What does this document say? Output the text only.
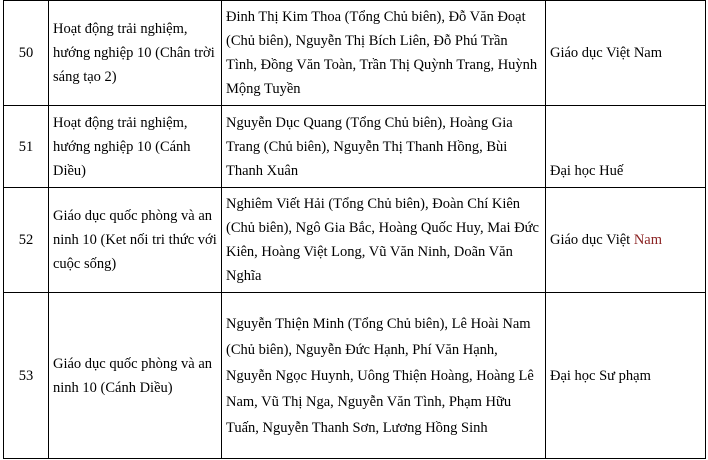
50	Hoạt động trải nghiệm, hướng nghiệp 10 (Chân trời sáng tạo 2)	Đinh Thị Kim Thoa (Tổng Chủ biên), Đỗ Văn Đoạt (Chủ biên), Nguyễn Thị Bích Liên, Đỗ Phú Trần Tình, Đồng Văn Toàn, Trần Thị Quỳnh Trang, Huỳnh Mộng Tuyền	Giáo dục Việt Nam
51	Hoạt động trải nghiệm, hướng nghiệp 10 (Cánh Diều)	Nguyễn Dục Quang (Tổng Chủ biên), Hoàng Gia Trang (Chủ biên), Nguyễn Thị Thanh Hồng, Bùi Thanh Xuân	Đại học Huế
52	Giáo dục quốc phòng và an ninh 10 (Ket nối tri thức với cuộc sống)	Nghiêm Viết Hải (Tổng Chủ biên), Đoàn Chí Kiên (Chủ biên), Ngô Gia Bắc, Hoàng Quốc Huy, Mai Đức Kiên, Hoàng Việt Long, Vũ Văn Ninh, Doãn Văn Nghĩa	Giáo dục Việt Nam
53	Giáo dục quốc phòng và an ninh 10 (Cánh Diều)	Nguyễn Thiện Minh (Tổng Chủ biên), Lê Hoài Nam (Chủ biên), Nguyễn Đức Hạnh, Phí Văn Hạnh, Nguyễn Ngọc Huynh, Uông Thiện Hoàng, Hoàng Lê Nam, Vũ Thị Nga, Nguyễn Văn Tình, Phạm Hữu Tuấn, Nguyễn Thanh Sơn, Lương Hồng Sinh	Đại học Sư phạm
